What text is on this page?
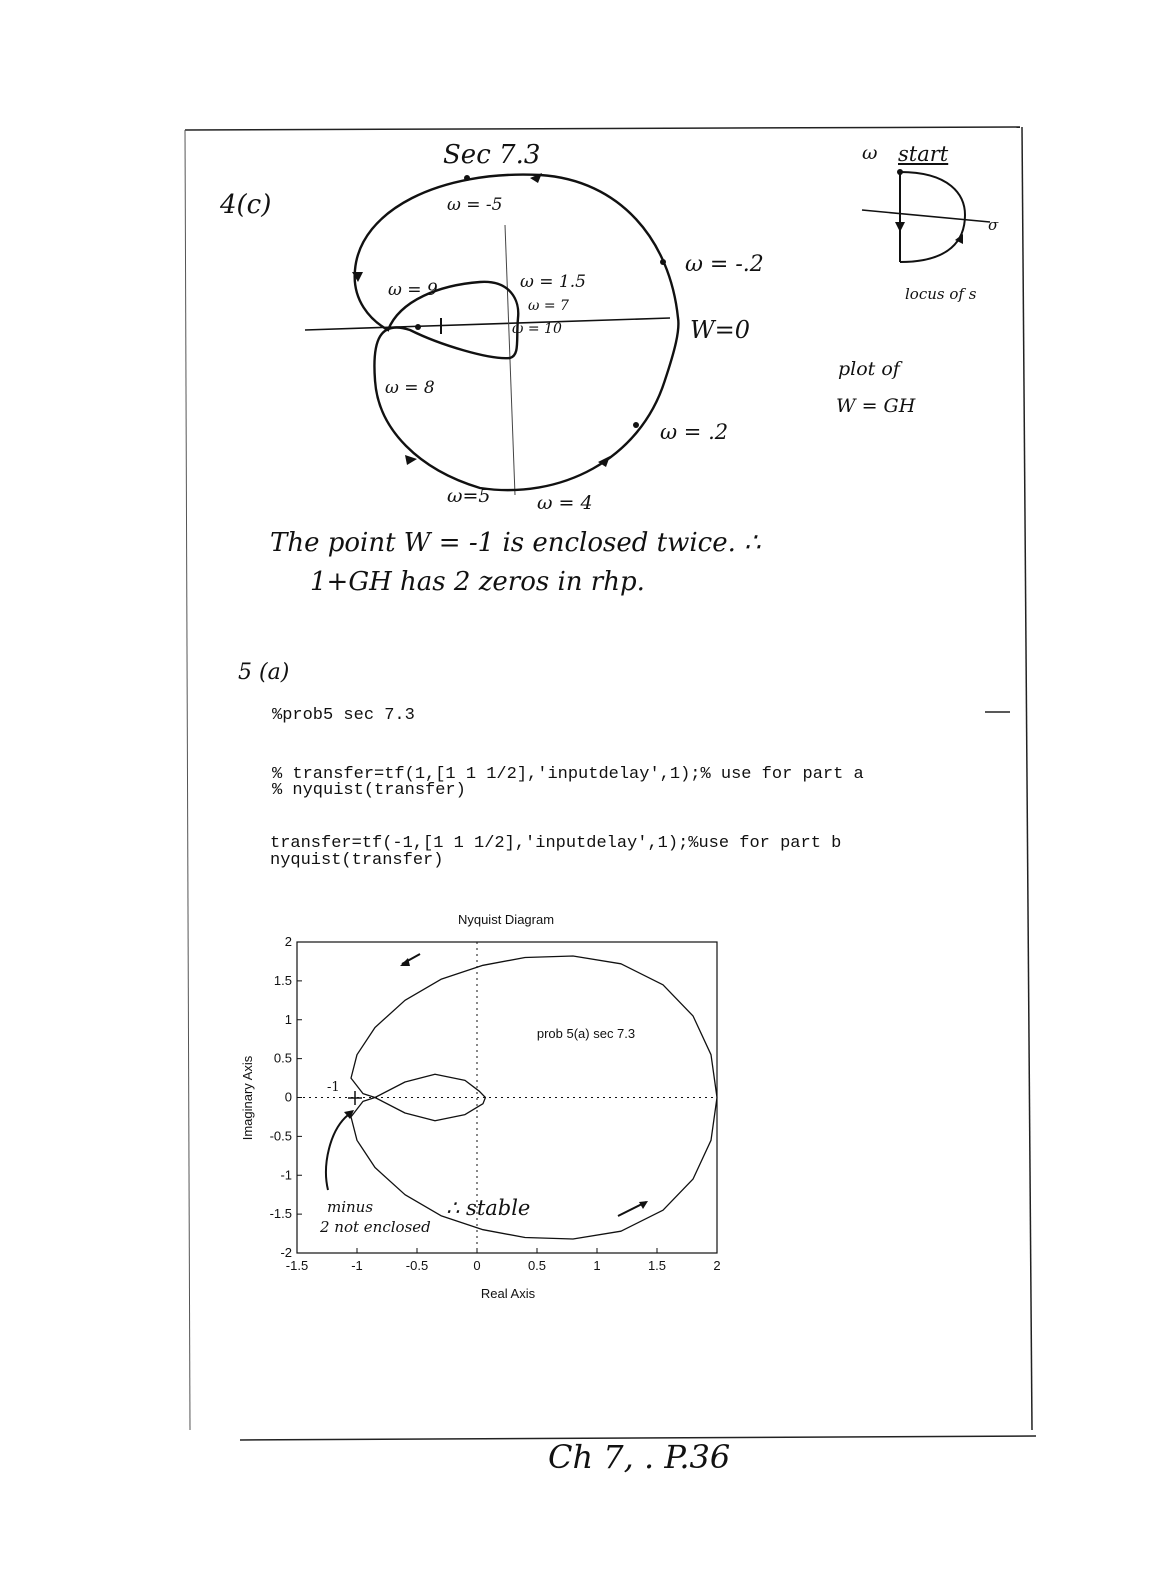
4(c)
Sec 7.3
ω = -5
ω = 9	ω = 1.5
ω = 7
ω = 10
ω = -.2
W=0
ω = 8
ω = .2
ω=5 ω = 4
ω start
σ
locus of s
plot of
W = GH
The point W = -1 is enclosed twice. ∴
1+GH has 2 zeros in rhp.
5 (a)
%prob5 sec 7.3
% transfer=tf(1,[1 1 1/2],'inputdelay',1);% use for part a
% nyquist(transfer)
transfer=tf(-1,[1 1 1/2],'inputdelay',1);%use for part b
nyquist(transfer)
Nyquist Diagram
Real Axis
Imaginary Axis
prob 5(a) sec 7.3
-1.5	-1	-0.5	0	0.5	1	1.5	2
2
1.5
1
0.5
0
-0.5
-1
-1.5
-2
-1
minus
2 not enclosed
∴ stable
Ch 7, . P.36
